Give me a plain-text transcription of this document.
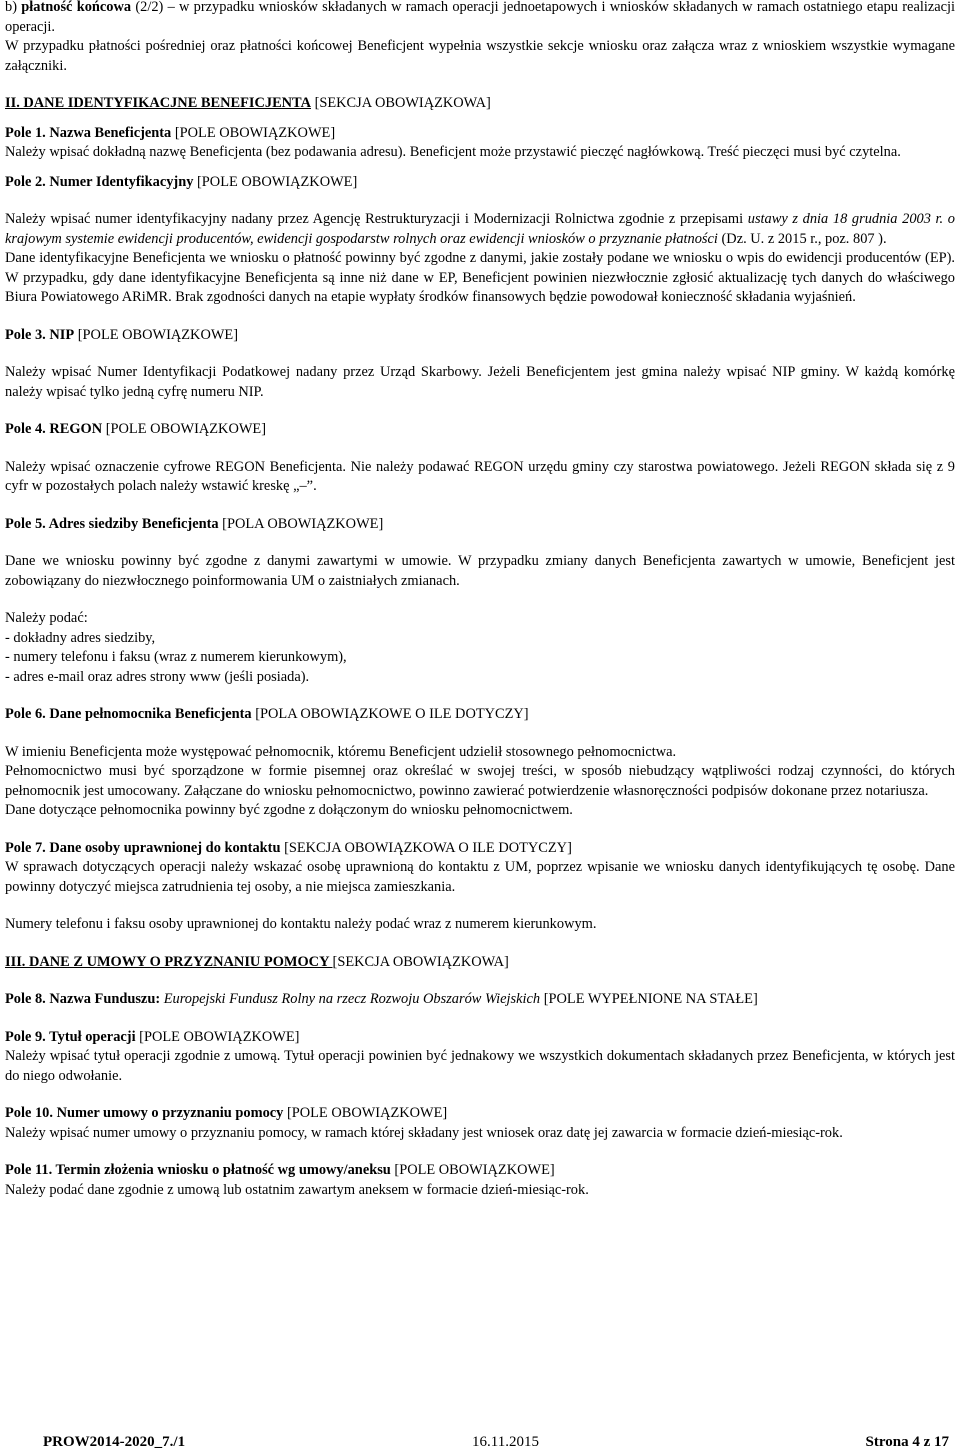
b) płatność końcowa (2/2) – w przypadku wniosków składanych w ramach operacji jednoetapowych i wniosków składanych w ramach ostatniego etapu realizacji operacji.

W przypadku płatności pośredniej oraz płatności końcowej Beneficjent wypełnia wszystkie sekcje wniosku oraz załącza wraz z wnioskiem wszystkie wymagane załączniki.

II. DANE IDENTYFIKACJNE BENEFICJENTA [SEKCJA OBOWIĄZKOWA]

Pole 1. Nazwa Beneficjenta [POLE OBOWIĄZKOWE]

Należy wpisać dokładną nazwę Beneficjenta (bez podawania adresu). Beneficjent może przystawić pieczęć nagłówkową. Treść pieczęci musi być czytelna.

Pole 2. Numer Identyfikacyjny [POLE OBOWIĄZKOWE]

Należy wpisać numer identyfikacyjny nadany przez Agencję Restrukturyzacji i Modernizacji Rolnictwa zgodnie z przepisami ustawy z dnia 18 grudnia 2003 r. o krajowym systemie ewidencji producentów, ewidencji gospodarstw rolnych oraz ewidencji wniosków o przyznanie płatności (Dz. U. z 2015 r., poz. 807 ).

Dane identyfikacyjne Beneficjenta we wniosku o płatność powinny być zgodne z danymi, jakie zostały podane we wniosku o wpis do ewidencji producentów (EP). W przypadku, gdy dane identyfikacyjne Beneficjenta są inne niż dane w EP, Beneficjent powinien niezwłocznie zgłosić aktualizację tych danych do właściwego Biura Powiatowego ARiMR. Brak zgodności danych na etapie wypłaty środków finansowych będzie powodował konieczność składania wyjaśnień.

Pole 3. NIP [POLE OBOWIĄZKOWE]

Należy wpisać Numer Identyfikacji Podatkowej nadany przez Urząd Skarbowy. Jeżeli Beneficjentem jest gmina należy wpisać NIP gminy. W każdą komórkę należy wpisać tylko jedną cyfrę numeru NIP.

Pole 4. REGON [POLE OBOWIĄZKOWE]

Należy wpisać oznaczenie cyfrowe REGON Beneficjenta. Nie należy podawać REGON urzędu gminy czy starostwa powiatowego. Jeżeli REGON składa się z 9 cyfr w pozostałych polach należy wstawić kreskę „–”.

Pole 5. Adres siedziby Beneficjenta [POLA OBOWIĄZKOWE]

Dane we wniosku powinny być zgodne z danymi zawartymi w umowie. W przypadku zmiany danych Beneficjenta zawartych w umowie, Beneficjent jest zobowiązany do niezwłocznego poinformowania UM o zaistniałych zmianach.

Należy podać:

- dokładny adres siedziby,

- numery telefonu i faksu (wraz z numerem kierunkowym),

- adres e-mail oraz adres strony www (jeśli posiada).

Pole 6. Dane pełnomocnika Beneficjenta [POLA OBOWIĄZKOWE O ILE DOTYCZY]

W imieniu Beneficjenta może występować pełnomocnik, któremu Beneficjent udzielił stosownego pełnomocnictwa.

Pełnomocnictwo musi być sporządzone w formie pisemnej oraz określać w swojej treści, w sposób niebudzący wątpliwości rodzaj czynności, do których pełnomocnik jest umocowany. Załączane do wniosku pełnomocnictwo, powinno zawierać potwierdzenie własnoręczności podpisów dokonane przez notariusza.

Dane dotyczące pełnomocnika powinny być zgodne z dołączonym do wniosku pełnomocnictwem.

Pole 7. Dane osoby uprawnionej do kontaktu [SEKCJA OBOWIĄZKOWA O ILE DOTYCZY]

W sprawach dotyczących operacji należy wskazać osobę uprawnioną do kontaktu z UM, poprzez wpisanie we wniosku danych identyfikujących tę osobę. Dane powinny dotyczyć miejsca zatrudnienia tej osoby, a nie miejsca zamieszkania.

Numery telefonu i faksu osoby uprawnionej do kontaktu należy podać wraz z numerem kierunkowym.

III. DANE Z UMOWY O PRZYZNANIU POMOCY [SEKCJA OBOWIĄZKOWA]

Pole 8. Nazwa Funduszu: Europejski Fundusz Rolny na rzecz Rozwoju Obszarów Wiejskich [POLE WYPEŁNIONE NA STAŁE]

Pole 9. Tytuł operacji [POLE OBOWIĄZKOWE]

Należy wpisać tytuł operacji zgodnie z umową. Tytuł operacji powinien być jednakowy we wszystkich dokumentach składanych przez Beneficjenta, w których jest do niego odwołanie.

Pole 10. Numer umowy o przyznaniu pomocy [POLE OBOWIĄZKOWE]

Należy wpisać numer umowy o przyznaniu pomocy, w ramach której składany jest wniosek oraz datę jej zawarcia w formacie dzień-miesiąc-rok.

Pole 11. Termin złożenia wniosku o płatność wg umowy/aneksu [POLE OBOWIĄZKOWE]

Należy podać dane zgodnie z umową lub ostatnim zawartym aneksem w formacie dzień-miesiąc-rok.

PROW2014-2020_7./1	16.11.2015	Strona 4 z 17
